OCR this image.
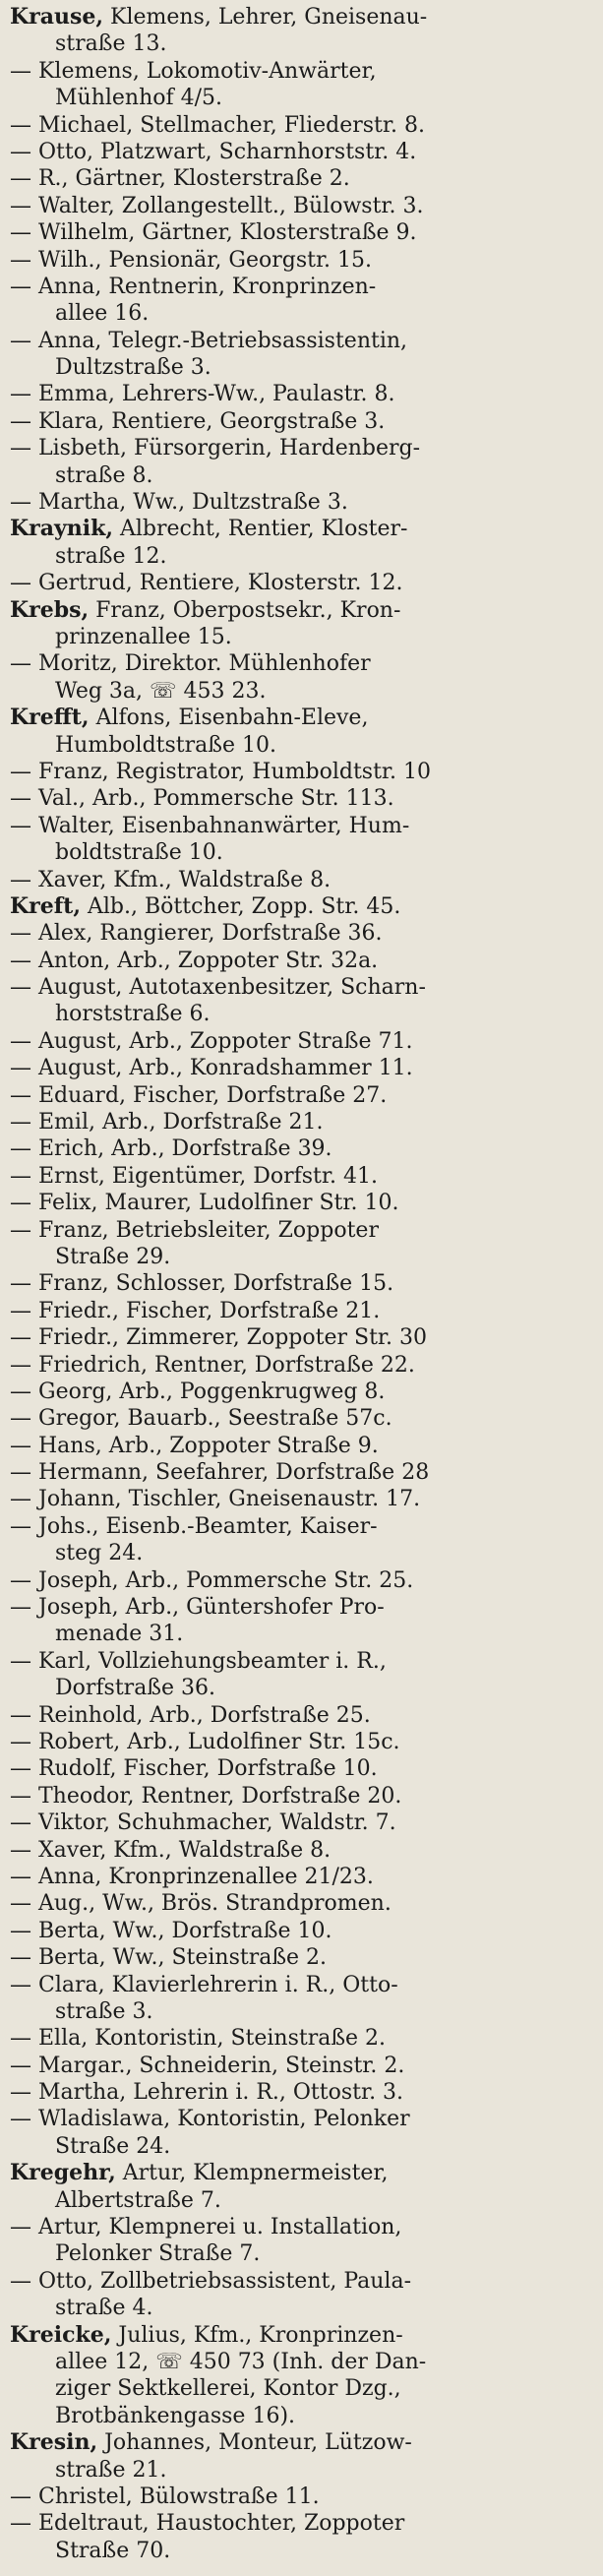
Krause, Klemens, Lehrer, Gneisenau-
straße 13.
— Klemens, Lokomotiv-Anwärter,
Mühlenhof 4/5.
— Michael, Stellmacher, Fliederstr. 8.
— Otto, Platzwart, Scharnhorststr. 4.
— R., Gärtner, Klosterstraße 2.
— Walter, Zollangestellt., Bülowstr. 3.
— Wilhelm, Gärtner, Klosterstraße 9.
— Wilh., Pensionär, Georgstr. 15.
— Anna, Rentnerin, Kronprinzen-
allee 16.
— Anna, Telegr.-Betriebsassistentin,
Dultzstraße 3.
— Emma, Lehrers-Ww., Paulastr. 8.
— Klara, Rentiere, Georgstraße 3.
— Lisbeth, Fürsorgerin, Hardenberg-
straße 8.
— Martha, Ww., Dultzstraße 3.
Kraynik, Albrecht, Rentier, Kloster-
straße 12.
— Gertrud, Rentiere, Klosterstr. 12.
Krebs, Franz, Oberpostsekr., Kron-
prinzenallee 15.
— Moritz, Direktor. Mühlenhofer
Weg 3a, ☏ 453 23.
Krefft, Alfons, Eisenbahn-Eleve,
Humboldtstraße 10.
— Franz, Registrator, Humboldtstr. 10
— Val., Arb., Pommersche Str. 113.
— Walter, Eisenbahnanwärter, Hum-
boldtstraße 10.
— Xaver, Kfm., Waldstraße 8.
Kreft, Alb., Böttcher, Zopp. Str. 45.
— Alex, Rangierer, Dorfstraße 36.
— Anton, Arb., Zoppoter Str. 32a.
— August, Autotaxenbesitzer, Scharn-
horststraße 6.
— August, Arb., Zoppoter Straße 71.
— August, Arb., Konradshammer 11.
— Eduard, Fischer, Dorfstraße 27.
— Emil, Arb., Dorfstraße 21.
— Erich, Arb., Dorfstraße 39.
— Ernst, Eigentümer, Dorfstr. 41.
— Felix, Maurer, Ludolfiner Str. 10.
— Franz, Betriebsleiter, Zoppoter
Straße 29.
— Franz, Schlosser, Dorfstraße 15.
— Friedr., Fischer, Dorfstraße 21.
— Friedr., Zimmerer, Zoppoter Str. 30
— Friedrich, Rentner, Dorfstraße 22.
— Georg, Arb., Poggenkrugweg 8.
— Gregor, Bauarb., Seestraße 57c.
— Hans, Arb., Zoppoter Straße 9.
— Hermann, Seefahrer, Dorfstraße 28
— Johann, Tischler, Gneisenaustr. 17.
— Johs., Eisenb.-Beamter, Kaiser-
steg 24.
— Joseph, Arb., Pommersche Str. 25.
— Joseph, Arb., Güntershofer Pro-
menade 31.
— Karl, Vollziehungsbeamter i. R.,
Dorfstraße 36.
— Reinhold, Arb., Dorfstraße 25.
— Robert, Arb., Ludolfiner Str. 15c.
— Rudolf, Fischer, Dorfstraße 10.
— Theodor, Rentner, Dorfstraße 20.
— Viktor, Schuhmacher, Waldstr. 7.
— Xaver, Kfm., Waldstraße 8.
— Anna, Kronprinzenallee 21/23.
— Aug., Ww., Brös. Strandpromen.
— Berta, Ww., Dorfstraße 10.
— Berta, Ww., Steinstraße 2.
— Clara, Klavierlehrerin i. R., Otto-
straße 3.
— Ella, Kontoristin, Steinstraße 2.
— Margar., Schneiderin, Steinstr. 2.
— Martha, Lehrerin i. R., Ottostr. 3.
— Wladislawa, Kontoristin, Pelonker
Straße 24.
Kregehr, Artur, Klempnermeister,
Albertstraße 7.
— Artur, Klempnerei u. Installation,
Pelonker Straße 7.
— Otto, Zollbetriebsassistent, Paula-
straße 4.
Kreicke, Julius, Kfm., Kronprinzen-
allee 12, ☏ 450 73 (Inh. der Dan-
ziger Sektkellerei, Kontor Dzg.,
Brotbänkengasse 16).
Kresin, Johannes, Monteur, Lützow-
straße 21.
— Christel, Bülowstraße 11.
— Edeltraut, Haustochter, Zoppoter
Straße 70.
